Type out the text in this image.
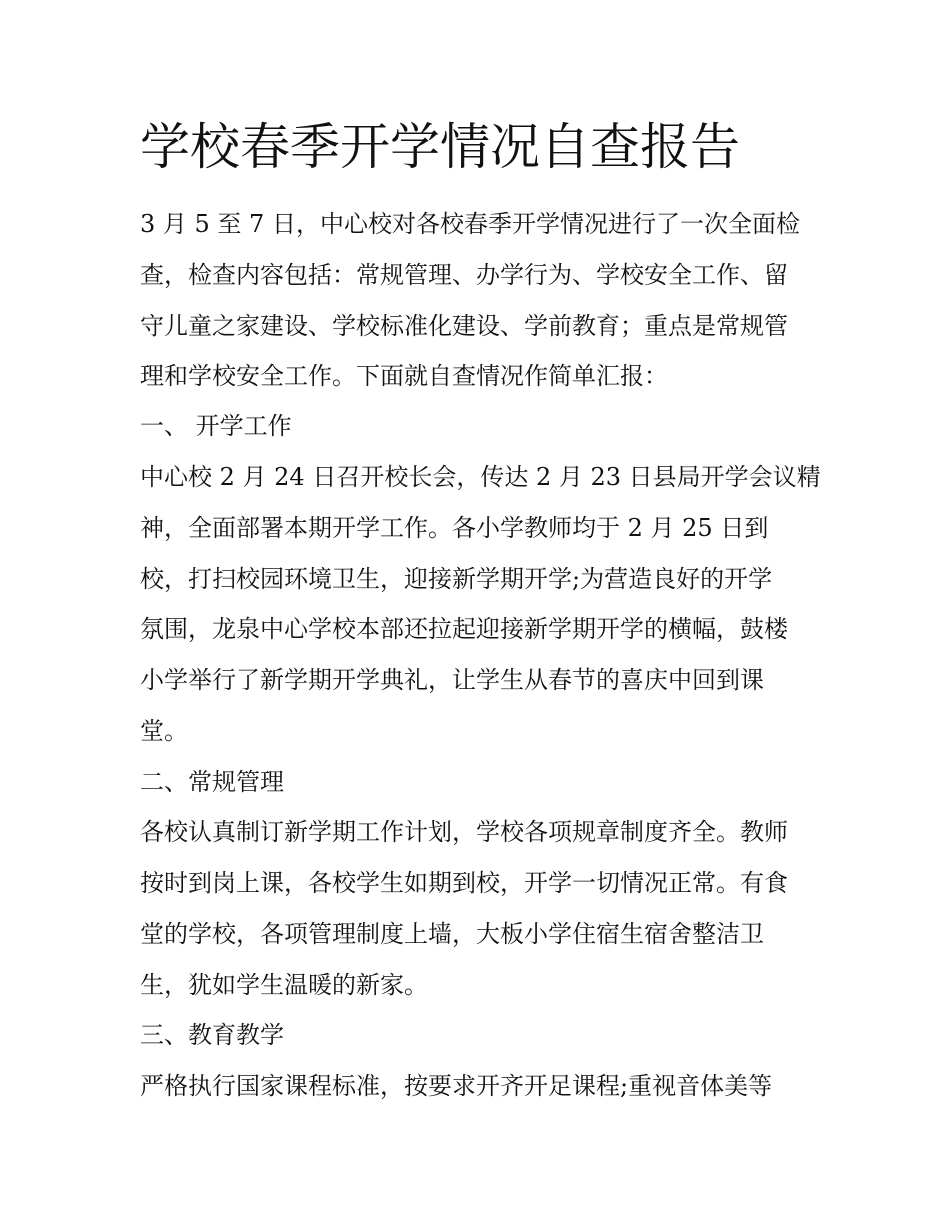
学校春季开学情况自查报告
3 月 5 至 7 日，中心校对各校春季开学情况进行了一次全面检
查，检查内容包括：常规管理、办学行为、学校安全工作、留
守儿童之家建设、学校标准化建设、学前教育；重点是常规管
理和学校安全工作。下面就自查情况作简单汇报：
一、 开学工作
中心校 2 月 24 日召开校长会，传达 2 月 23 日县局开学会议精
神，全面部署本期开学工作。各小学教师均于 2 月 25 日到
校，打扫校园环境卫生，迎接新学期开学;为营造良好的开学
氛围，龙泉中心学校本部还拉起迎接新学期开学的横幅，鼓楼
小学举行了新学期开学典礼，让学生从春节的喜庆中回到课
堂。
二、常规管理
各校认真制订新学期工作计划，学校各项规章制度齐全。教师
按时到岗上课，各校学生如期到校，开学一切情况正常。有食
堂的学校，各项管理制度上墙，大板小学住宿生宿舍整洁卫
生，犹如学生温暖的新家。
三、教育教学
严格执行国家课程标准，按要求开齐开足课程;重视音体美等
